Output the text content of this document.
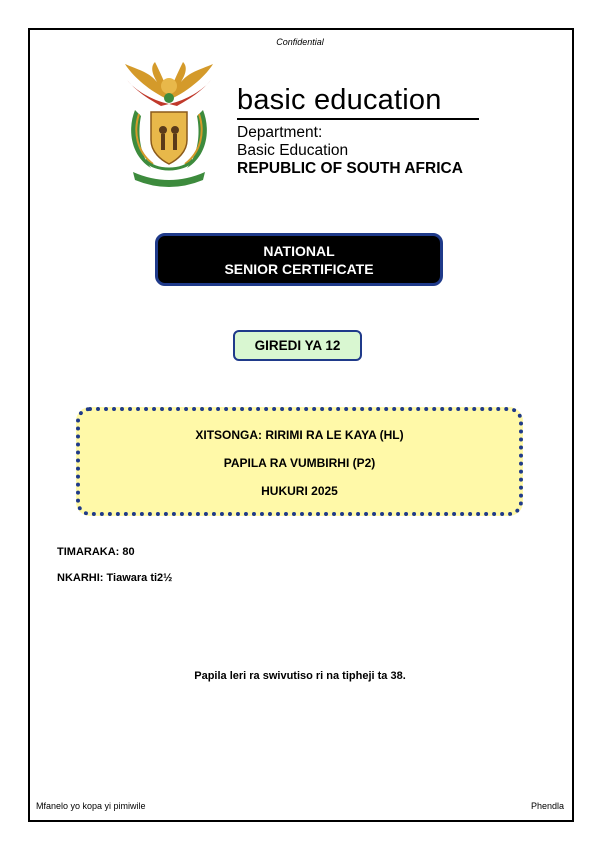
Confidential
basic education
Department:
Basic Education
REPUBLIC OF SOUTH AFRICA
NATIONAL
SENIOR CERTIFICATE
GIREDI YA 12
XITSONGA: RIRIMI RA LE KAYA (HL)
PAPILA RA VUMBIRHI (P2)
HUKURI 2025
TIMARAKA: 80
NKARHI: Tiawara ti2½
Papila leri ra swivutiso ri na tipheji ta 38.
Mfanelo yo kopa yi pimiwile	Phendla
